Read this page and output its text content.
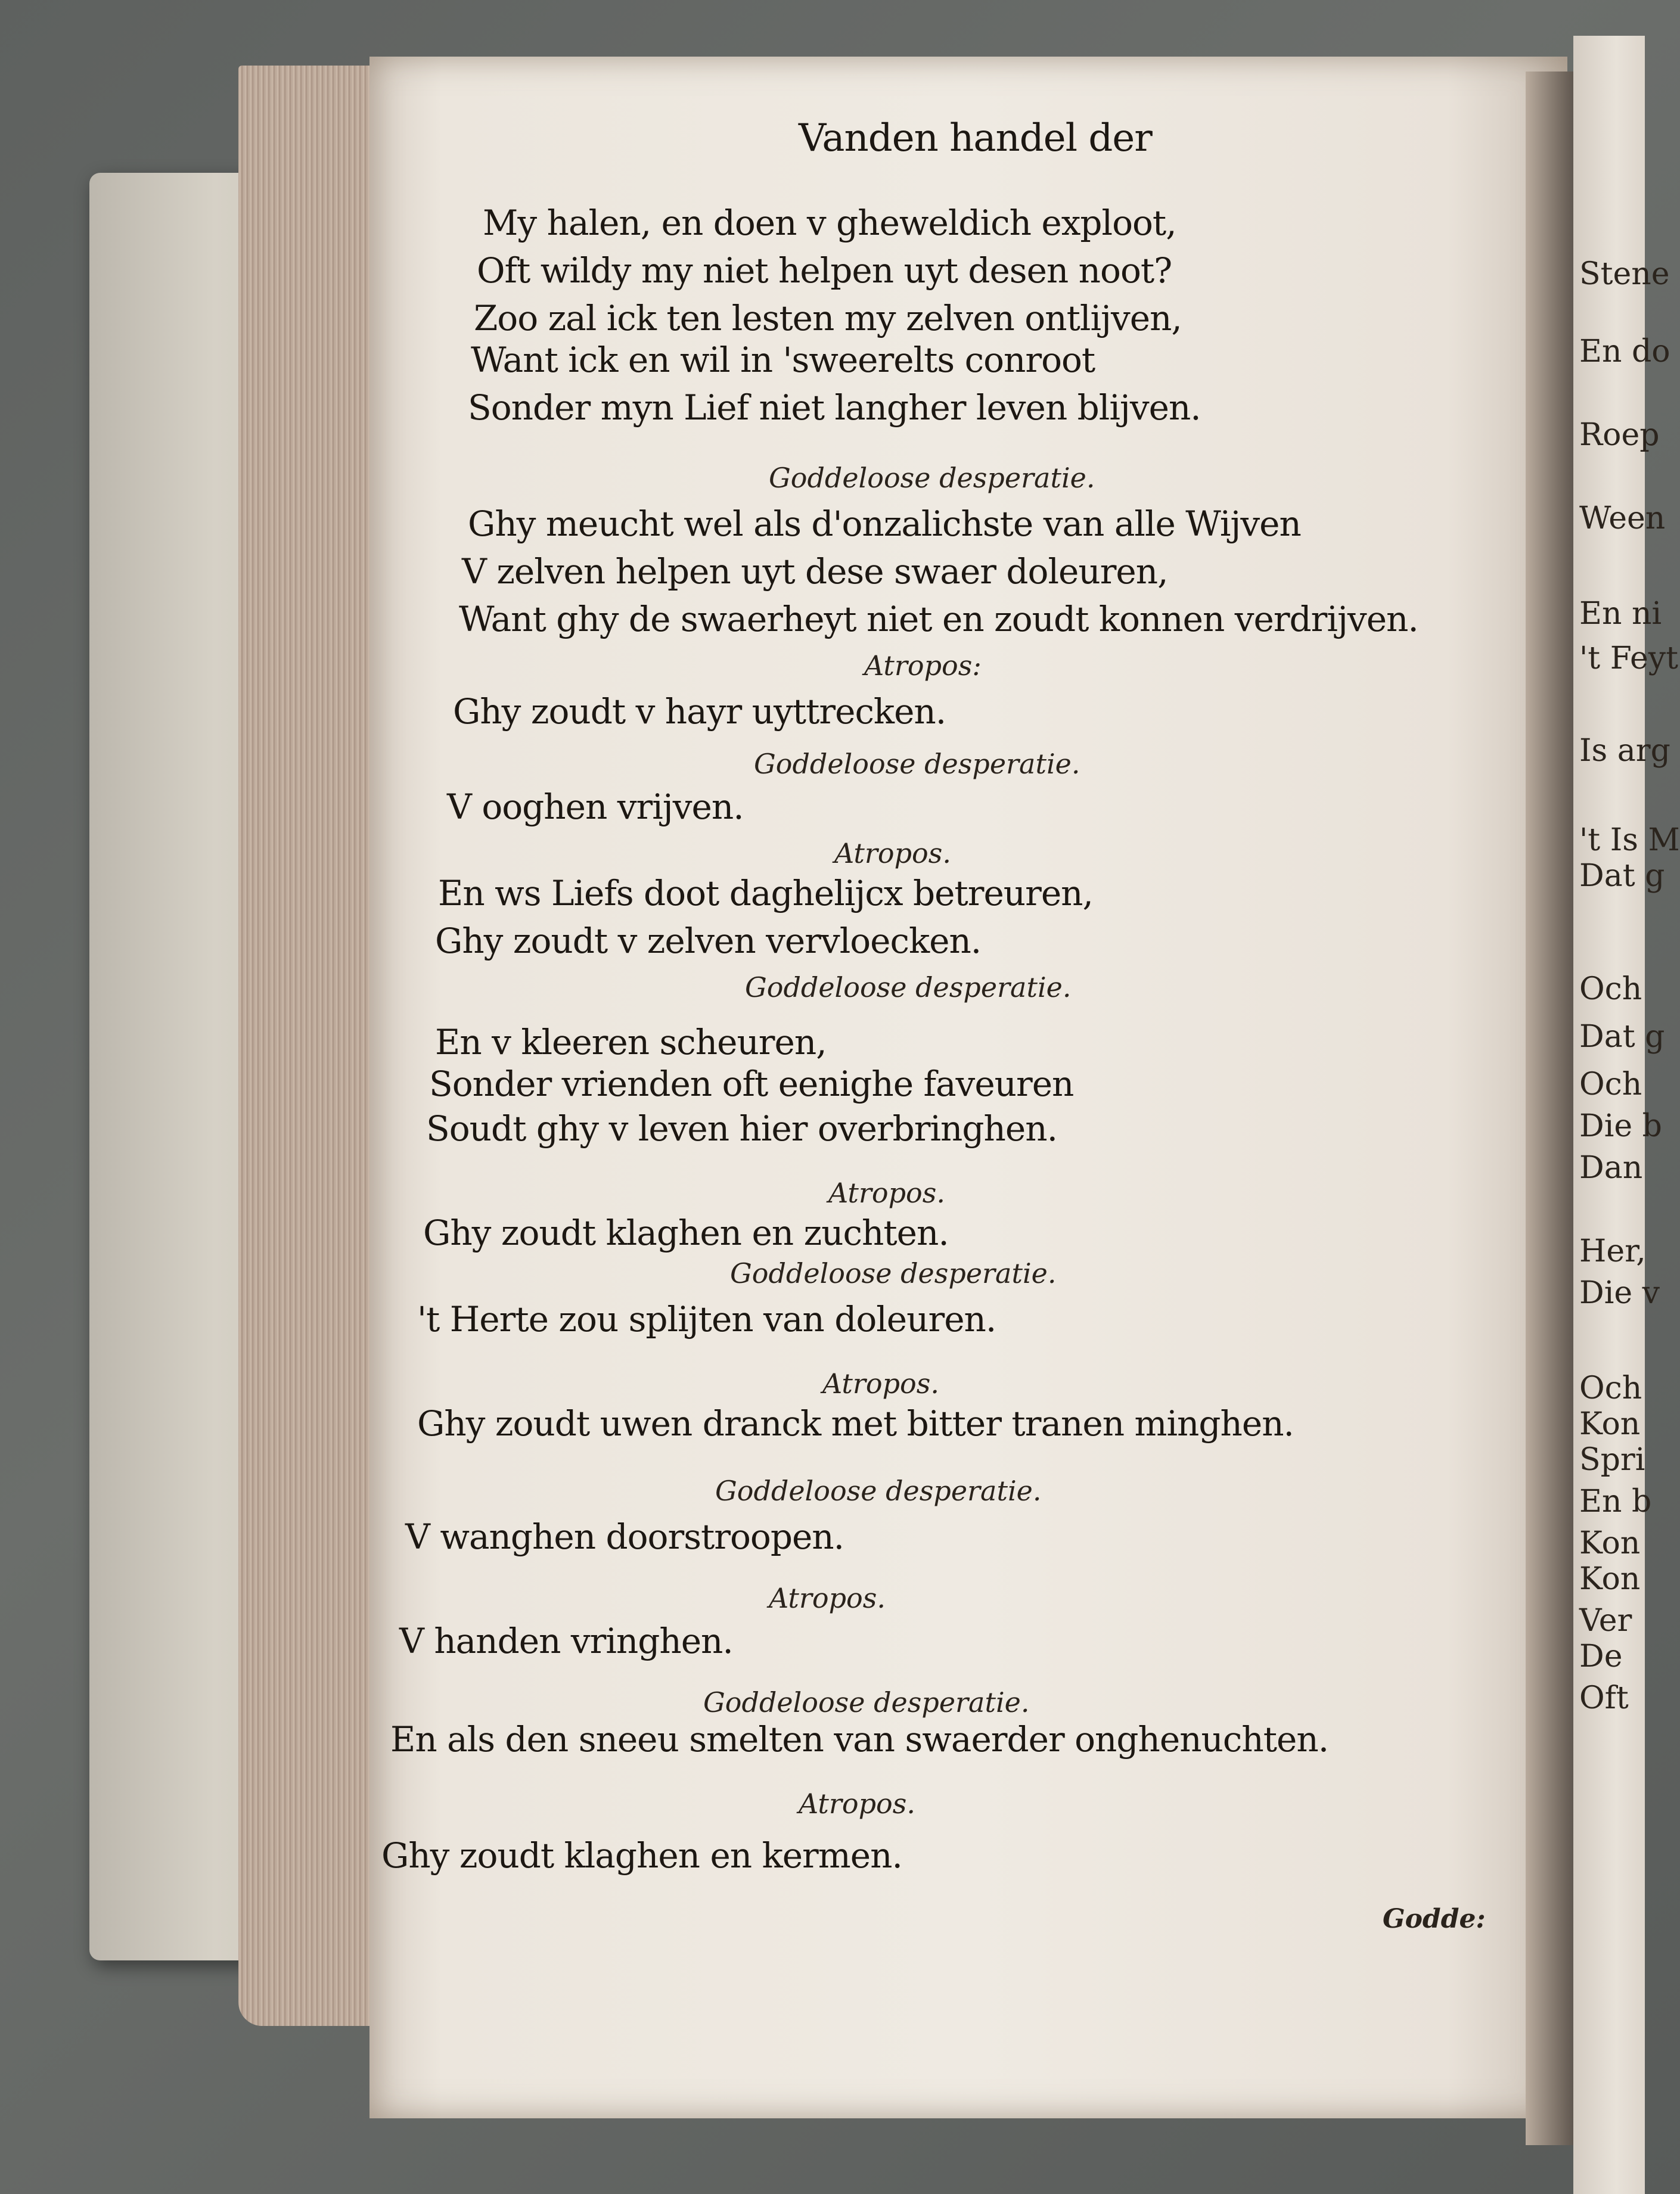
Vanden handel der
My halen, en doen v gheweldich exploot,
Oft wildy my niet helpen uyt desen noot?
Zoo zal ick ten lesten my zelven ontlijven,
Want ick en wil in 'sweerelts conroot
Sonder myn Lief niet langher leven blijven.
Goddeloose desperatie.
Ghy meucht wel als d'onzalichste van alle Wijven
V zelven helpen uyt dese swaer doleuren,
Want ghy de swaerheyt niet en zoudt konnen verdrijven.
Atropos:
Ghy zoudt v hayr uyttrecken.
Goddeloose desperatie.
V ooghen vrijven.
Atropos.
En ws Liefs doot daghelijcx betreuren,
Ghy zoudt v zelven vervloecken.
Goddeloose desperatie.
En v kleeren scheuren,
Sonder vrienden oft eenighe faveuren
Soudt ghy v leven hier overbringhen.
Atropos.
Ghy zoudt klaghen en zuchten.
Goddeloose desperatie.
't Herte zou splijten van doleuren.
Atropos.
Ghy zoudt uwen dranck met bitter tranen minghen.
Goddeloose desperatie.
V wanghen doorstroopen.
Atropos.
V handen vringhen.
Goddeloose desperatie.
En als den sneeu smelten van swaerder onghenuchten.
Atropos.
Ghy zoudt klaghen en kermen.
Godde:
Stene
En do
Roep
Ween
En ni
't Feyt
Is arg
't Is M
Dat g
Och
Dat g
Och
Die b
Dan
Her,
Die v
Och
Kon
Spri
En b
Kon
Kon
Ver
De
Oft
